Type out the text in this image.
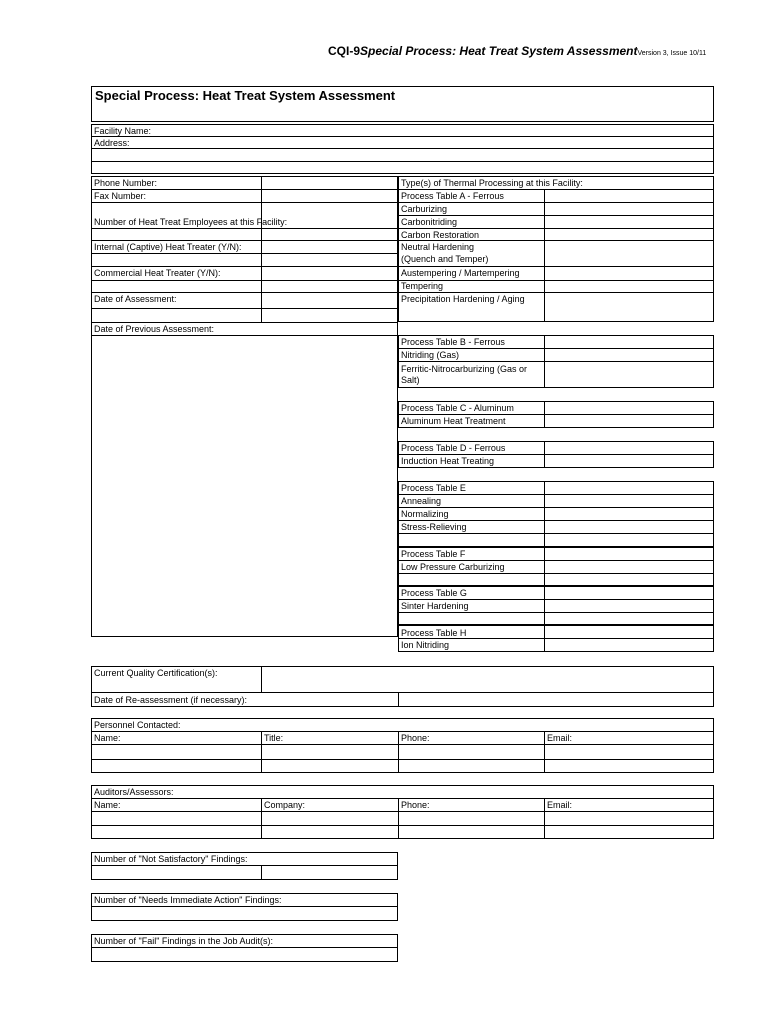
CQI-9Special Process: Heat Treat System AssessmentVersion 3, Issue 10/11
Special Process: Heat Treat System Assessment
Facility Name:
Address:
Phone Number:
Fax Number:
Number of Heat Treat Employees at this Facility:
Internal (Captive) Heat Treater (Y/N):
Commercial Heat Treater (Y/N):
Date of Assessment:
Date of Previous Assessment:
Type(s) of Thermal Processing at this Facility:
Process Table A - Ferrous
Carburizing
Carbonitriding
Carbon Restoration
Neutral Hardening
(Quench and Temper)
Austempering / Martempering
Tempering
Precipitation Hardening / Aging
Process Table B - Ferrous
Nitriding (Gas)
Ferritic-Nitrocarburizing (Gas or
Salt)
Process Table C - Aluminum
Aluminum Heat Treatment
Process Table D - Ferrous
Induction Heat Treating
Process Table E
Annealing
Normalizing
Stress-Relieving
Process Table F
Low Pressure Carburizing
Process Table G
Sinter Hardening
Process Table H
Ion Nitriding
Current Quality Certification(s):
Date of Re-assessment (if necessary):
Personnel Contacted:
Name:	Title:	Phone:	Email:
Auditors/Assessors:
Name:	Company:	Phone:	Email:
Number of "Not Satisfactory" Findings:
Number of "Needs Immediate Action" Findings:
Number of "Fail" Findings in the Job Audit(s):
